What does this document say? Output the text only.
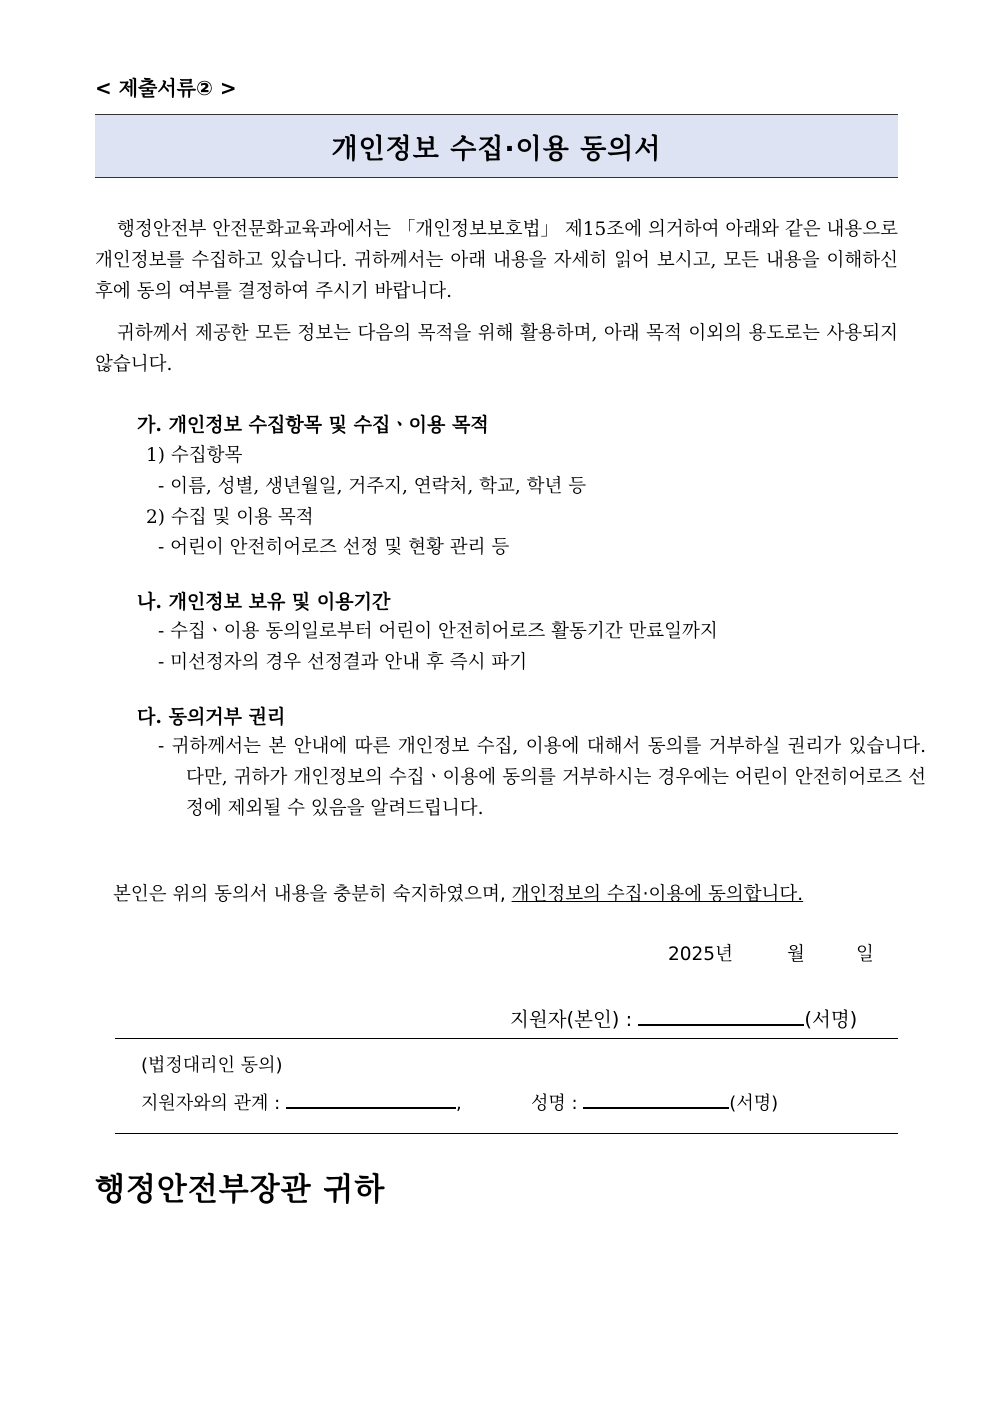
< 제출서류② >
개인정보 수집·이용 동의서
행정안전부 안전문화교육과에서는 「개인정보보호법」 제15조에 의거하여 아래와 같은 내용으로 개인정보를 수집하고 있습니다. 귀하께서는 아래 내용을 자세히 읽어 보시고, 모든 내용을 이해하신 후에 동의 여부를 결정하여 주시기 바랍니다.
귀하께서 제공한 모든 정보는 다음의 목적을 위해 활용하며, 아래 목적 이외의 용도로는 사용되지 않습니다.
가. 개인정보 수집항목 및 수집ㆍ이용 목적
1) 수집항목
- 이름, 성별, 생년월일, 거주지, 연락처, 학교, 학년 등
2) 수집 및 이용 목적
- 어린이 안전히어로즈 선정 및 현황 관리 등
나. 개인정보 보유 및 이용기간
- 수집ㆍ이용 동의일로부터 어린이 안전히어로즈 활동기간 만료일까지
- 미선정자의 경우 선정결과 안내 후 즉시 파기
다. 동의거부 권리
- 귀하께서는 본 안내에 따른 개인정보 수집, 이용에 대해서 동의를 거부하실 권리가 있습니다. 다만, 귀하가 개인정보의 수집ㆍ이용에 동의를 거부하시는 경우에는 어린이 안전히어로즈 선정에 제외될 수 있음을 알려드립니다.
본인은 위의 동의서 내용을 충분히 숙지하였으며, 개인정보의 수집·이용에 동의합니다.
2025년	월	일
지원자(본인) :	(서명)
(법정대리인 동의)
지원자와의 관계 :	,	성명 :	(서명)
행정안전부장관 귀하
